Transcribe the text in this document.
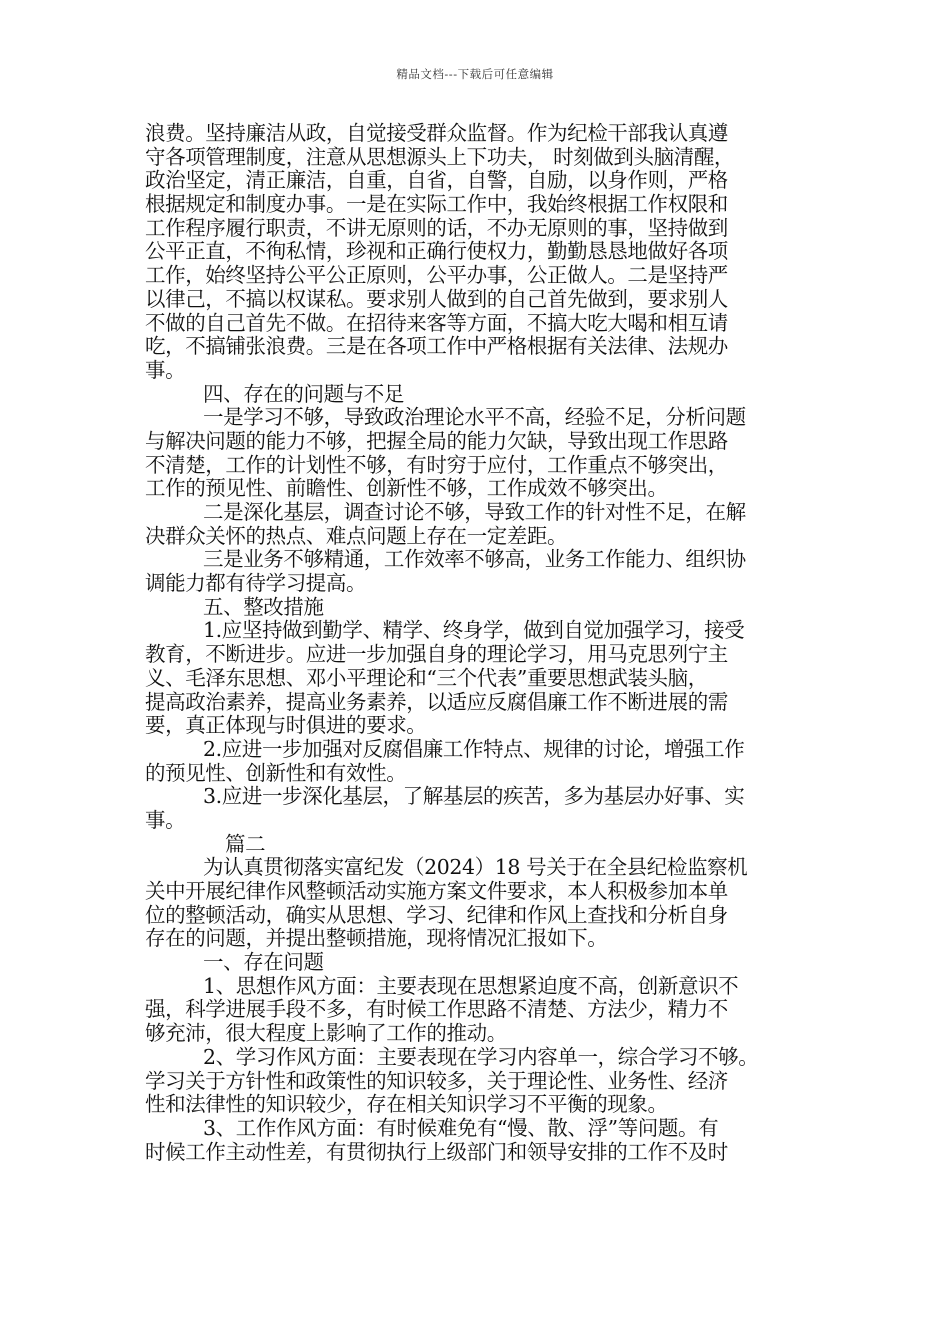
精品文档---下载后可任意编辑
浪费。坚持廉洁从政，自觉接受群众监督。作为纪检干部我认真遵
守各项管理制度，注意从思想源头上下功夫， 时刻做到头脑清醒，
政治坚定，清正廉洁，自重，自省，自警，自励，以身作则，严格
根据规定和制度办事。一是在实际工作中，我始终根据工作权限和
工作程序履行职责，不讲无原则的话，不办无原则的事，坚持做到
公平正直，不徇私情，珍视和正确行使权力，勤勤恳恳地做好各项
工作，始终坚持公平公正原则，公平办事，公正做人。二是坚持严
以律己，不搞以权谋私。要求别人做到的自己首先做到，要求别人
不做的自己首先不做。在招待来客等方面，不搞大吃大喝和相互请
吃，不搞铺张浪费。三是在各项工作中严格根据有关法律、法规办
事。
四、存在的问题与不足
一是学习不够，导致政治理论水平不高，经验不足，分析问题
与解决问题的能力不够，把握全局的能力欠缺，导致出现工作思路
不清楚，工作的计划性不够，有时穷于应付，工作重点不够突出，
工作的预见性、前瞻性、创新性不够，工作成效不够突出。
二是深化基层，调查讨论不够，导致工作的针对性不足，在解
决群众关怀的热点、难点问题上存在一定差距。
三是业务不够精通，工作效率不够高，业务工作能力、组织协
调能力都有待学习提高。
五、整改措施
1.应坚持做到勤学、精学、终身学，做到自觉加强学习，接受
教育，不断进步。应进一步加强自身的理论学习，用马克思列宁主
义、毛泽东思想、邓小平理论和“三个代表”重要思想武装头脑，
提高政治素养，提高业务素养，以适应反腐倡廉工作不断进展的需
要，真正体现与时俱进的要求。
2.应进一步加强对反腐倡廉工作特点、规律的讨论，增强工作
的预见性、创新性和有效性。
3.应进一步深化基层，了解基层的疾苦，多为基层办好事、实
事。
篇二
为认真贯彻落实富纪发（2024）18 号关于在全县纪检监察机
关中开展纪律作风整顿活动实施方案文件要求，本人积极参加本单
位的整顿活动，确实从思想、学习、纪律和作风上查找和分析自身
存在的问题，并提出整顿措施，现将情况汇报如下。
一、存在问题
1、思想作风方面：主要表现在思想紧迫度不高，创新意识不
强，科学进展手段不多，有时候工作思路不清楚、方法少，精力不
够充沛，很大程度上影响了工作的推动。
2、学习作风方面：主要表现在学习内容单一，综合学习不够。
学习关于方针性和政策性的知识较多，关于理论性、业务性、经济
性和法律性的知识较少，存在相关知识学习不平衡的现象。
3、工作作风方面：有时候难免有“慢、散、浮”等问题。有
时候工作主动性差，有贯彻执行上级部门和领导安排的工作不及时
